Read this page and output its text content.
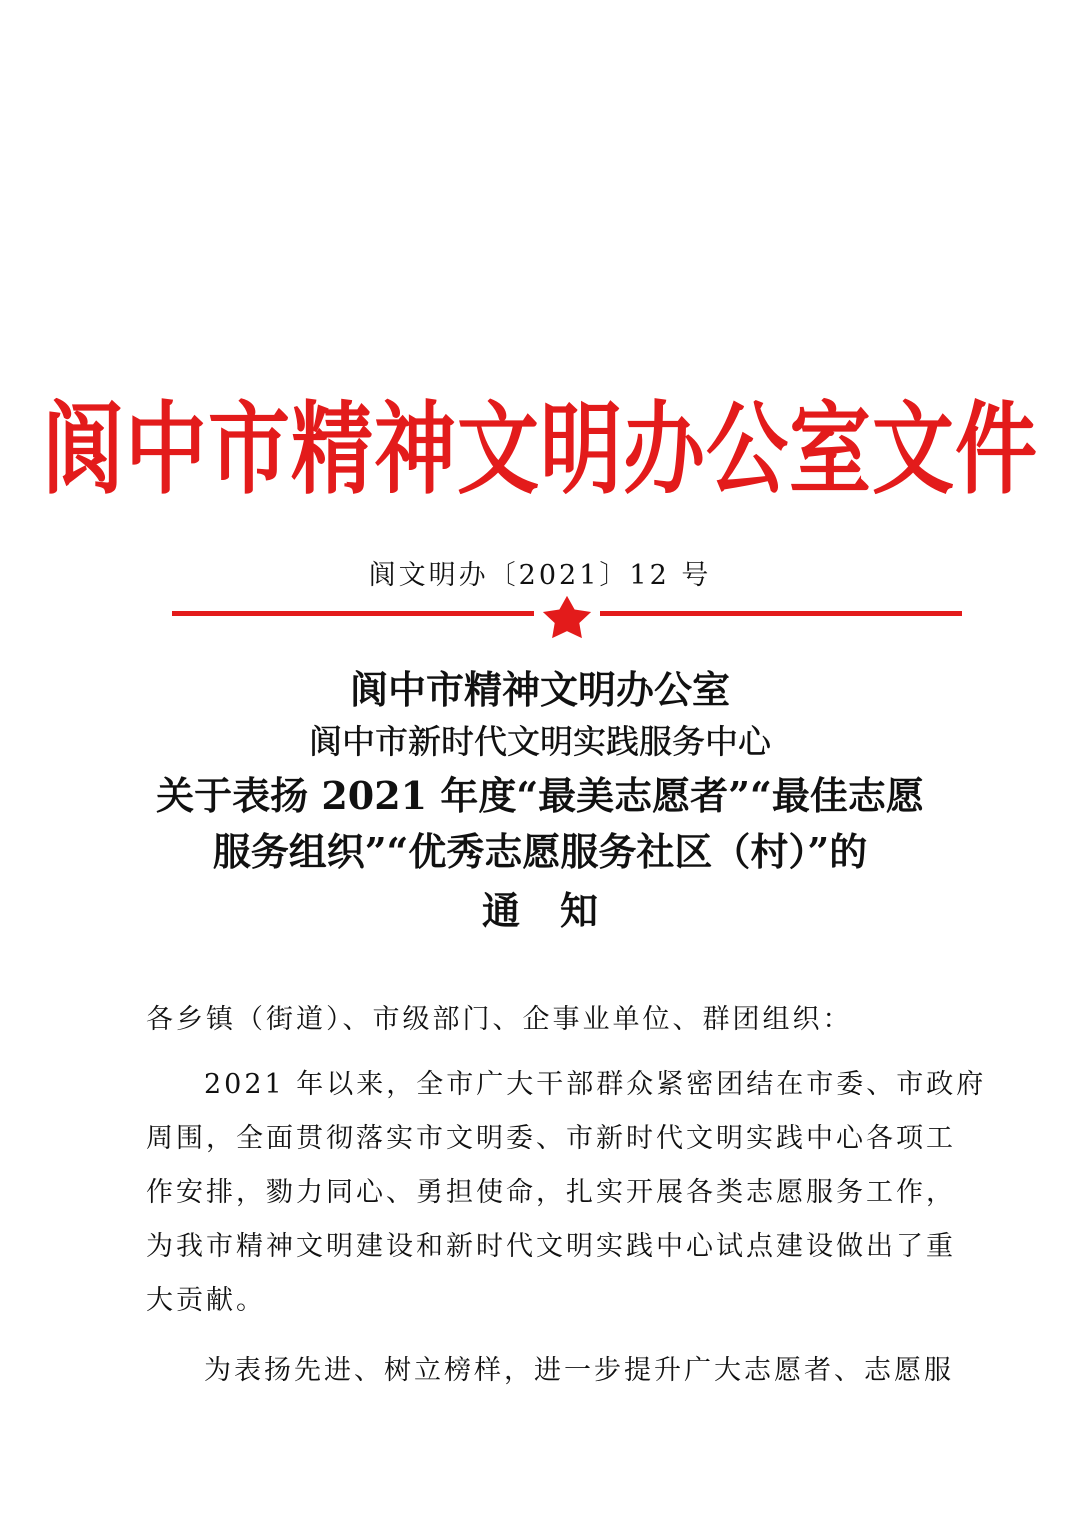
阆中市精神文明办公室文件
阆文明办〔2021〕12 号
阆中市精神文明办公室
阆中市新时代文明实践服务中心
关于表扬 2021 年度“最美志愿者”“最佳志愿
服务组织”“优秀志愿服务社区（村）”的
通知
各乡镇（街道）、市级部门、企事业单位、群团组织：
2021 年以来，全市广大干部群众紧密团结在市委、市政府
周围，全面贯彻落实市文明委、市新时代文明实践中心各项工
作安排，勠力同心、勇担使命，扎实开展各类志愿服务工作，
为我市精神文明建设和新时代文明实践中心试点建设做出了重
大贡献。
为表扬先进、树立榜样，进一步提升广大志愿者、志愿服
